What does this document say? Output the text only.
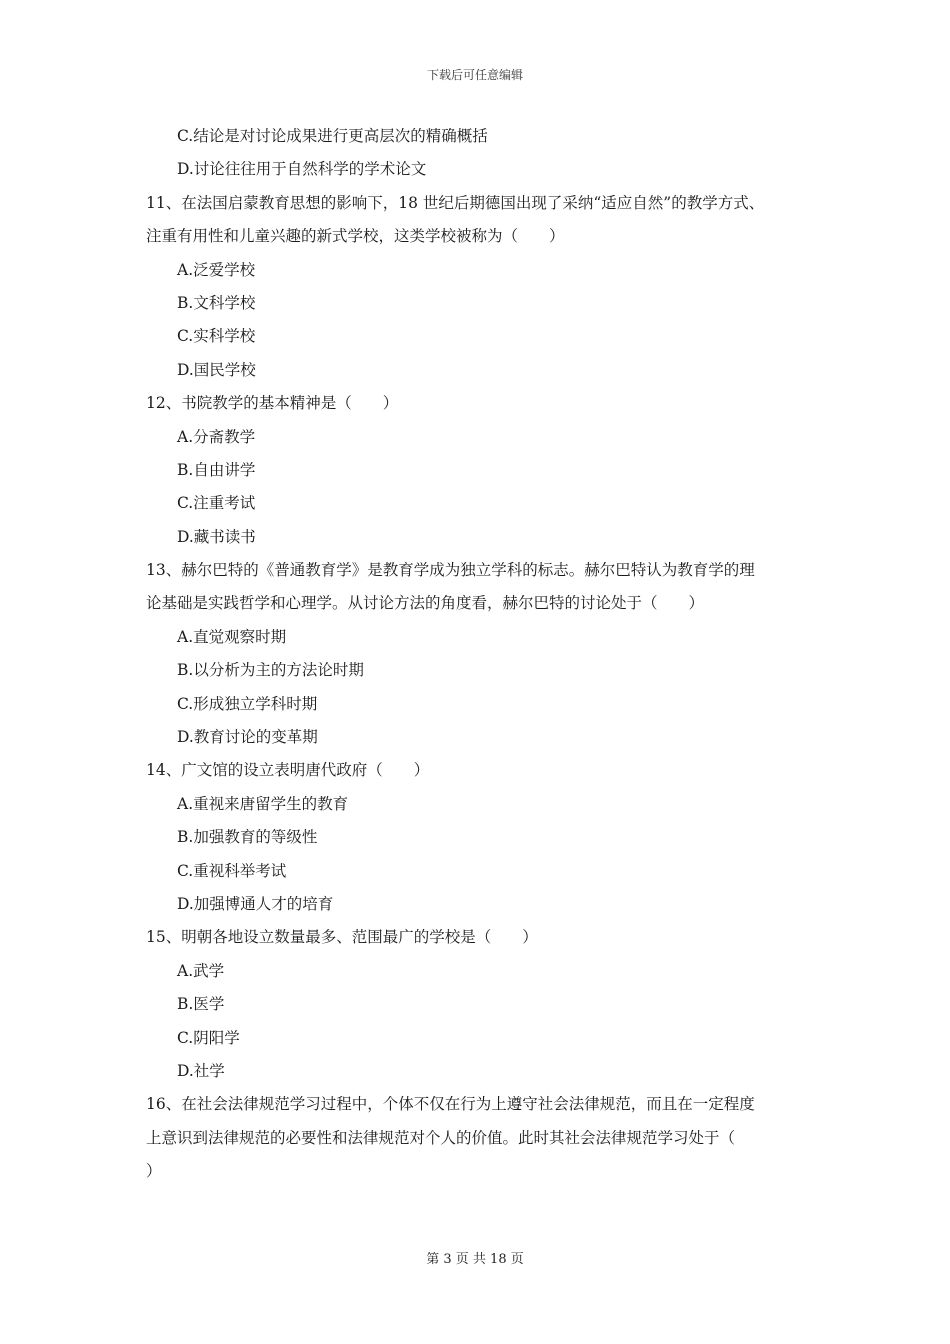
下载后可任意编辑
C.结论是对讨论成果进行更高层次的精确概括
D.讨论往往用于自然科学的学术论文
11、在法国启蒙教育思想的影响下，18 世纪后期德国出现了采纳“适应自然”的教学方式、
注重有用性和儿童兴趣的新式学校，这类学校被称为（　　）
A.泛爱学校
B.文科学校
C.实科学校
D.国民学校
12、书院教学的基本精神是（　　）
A.分斋教学
B.自由讲学
C.注重考试
D.藏书读书
13、赫尔巴特的《普通教育学》是教育学成为独立学科的标志。赫尔巴特认为教育学的理
论基础是实践哲学和心理学。从讨论方法的角度看，赫尔巴特的讨论处于（　　）
A.直觉观察时期
B.以分析为主的方法论时期
C.形成独立学科时期
D.教育讨论的变革期
14、广文馆的设立表明唐代政府（　　）
A.重视来唐留学生的教育
B.加强教育的等级性
C.重视科举考试
D.加强博通人才的培育
15、明朝各地设立数量最多、范围最广的学校是（　　）
A.武学
B.医学
C.阴阳学
D.社学
16、在社会法律规范学习过程中，个体不仅在行为上遵守社会法律规范，而且在一定程度
上意识到法律规范的必要性和法律规范对个人的价值。此时其社会法律规范学习处于（
）
第 3 页 共 18 页
